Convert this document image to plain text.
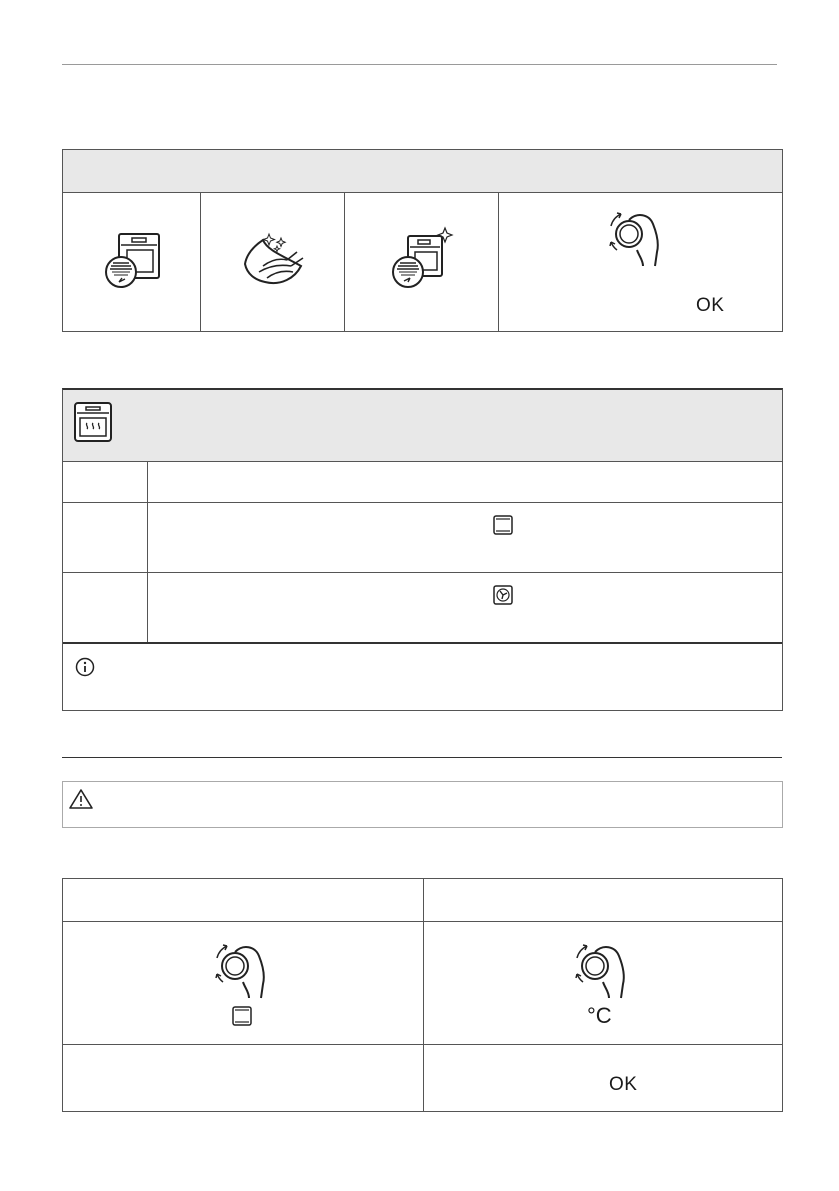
OK
°C
OK
